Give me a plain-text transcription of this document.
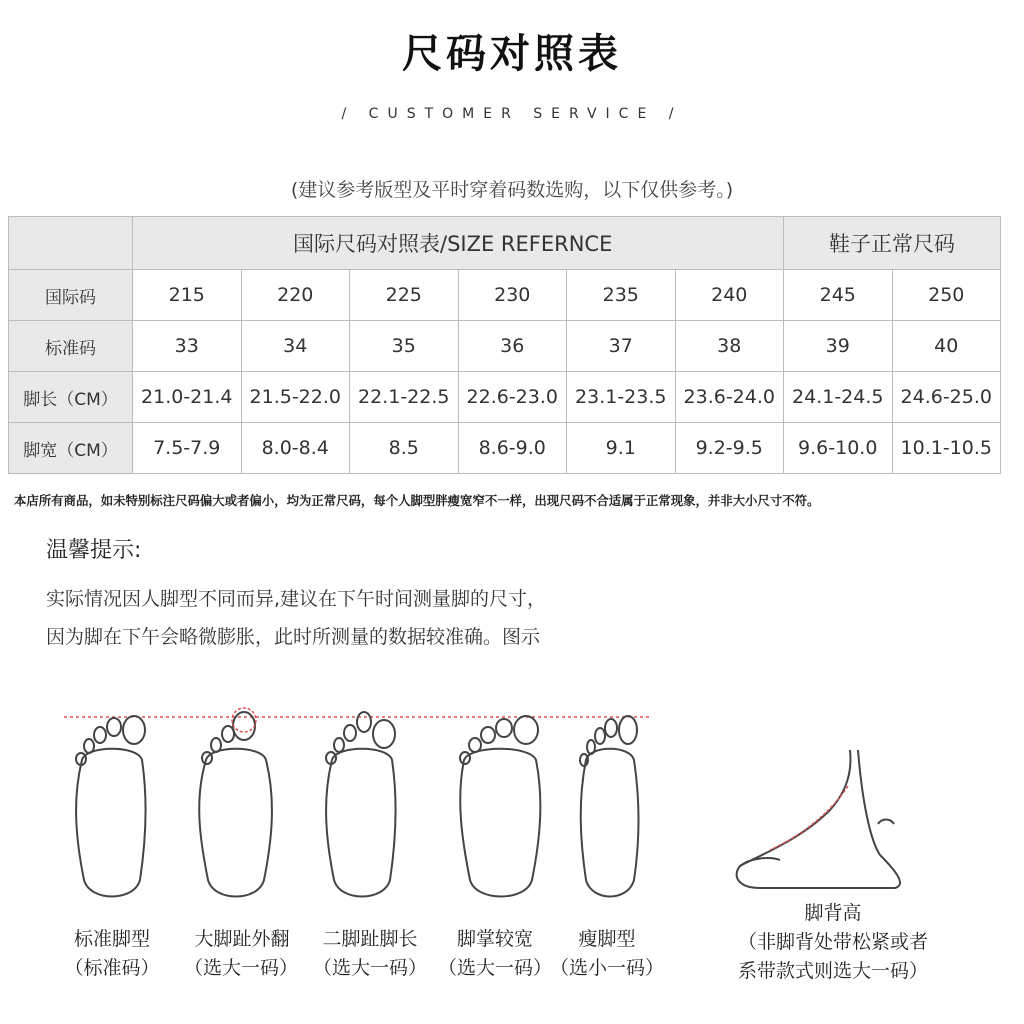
尺码对照表
/ CUSTOMER SERVICE /
(建议参考版型及平时穿着码数选购，以下仅供参考。)
	国际尺码对照表/SIZE REFERNCE						鞋子正常尺码	
国际码	215	220	225	230	235	240	245	250
标准码	33	34	35	36	37	38	39	40
脚长（CM）	21.0-21.4	21.5-22.0	22.1-22.5	22.6-23.0	23.1-23.5	23.6-24.0	24.1-24.5	24.6-25.0
脚宽（CM）	7.5-7.9	8.0-8.4	8.5	8.6-9.0	9.1	9.2-9.5	9.6-10.0	10.1-10.5
本店所有商品，如未特别标注尺码偏大或者偏小，均为正常尺码，每个人脚型胖瘦宽窄不一样，出现尺码不合适属于正常现象，并非大小尺寸不符。
温馨提示:
实际情况因人脚型不同而异,建议在下午时间测量脚的尺寸，
因为脚在下午会略微膨胀，此时所测量的数据较准确。图示
标准脚型
（标准码）
大脚趾外翻
（选大一码）
二脚趾脚长
（选大一码）
脚掌较宽
（选大一码）
瘦脚型
（选小一码）
脚背高
（非脚背处带松紧或者
系带款式则选大一码）
